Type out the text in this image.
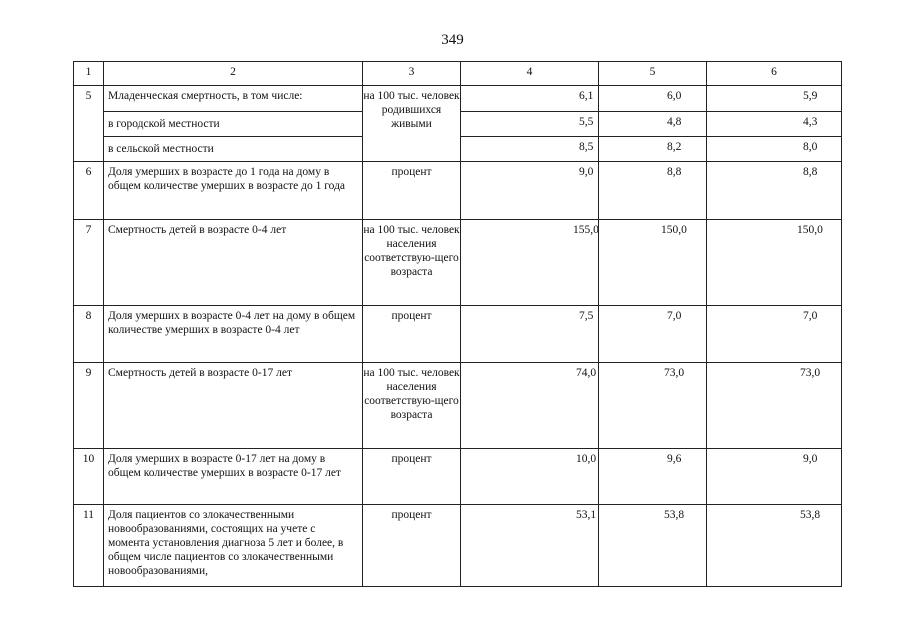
349
1	2	3	4	5	6
5	Младенческая смертность, в том числе:	на 100 тыс. человек родившихся живыми	6,1	6,0	5,9
	в городской местности		5,5	4,8	4,3
	в сельской местности		8,5	8,2	8,0
6	Доля умерших в возрасте до 1 года на дому в общем количестве умерших в возрасте до 1 года	процент	9,0	8,8	8,8
7	Смертность детей в возрасте 0-4 лет	на 100 тыс. человек населения соответствую-щего возраста	155,0	150,0	150,0
8	Доля умерших в возрасте 0-4 лет на дому в общем количестве умерших в возрасте 0-4 лет	процент	7,5	7,0	7,0
9	Смертность детей в возрасте 0-17 лет	на 100 тыс. человек населения соответствую-щего возраста	74,0	73,0	73,0
10	Доля умерших в возрасте 0-17 лет на дому в общем количестве умерших в возрасте 0-17 лет	процент	10,0	9,6	9,0
11	Доля пациентов со злокачественными новообразованиями, состоящих на учете с момента установления диагноза 5 лет и более, в общем числе пациентов со злокачественными новообразованиями,	процент	53,1	53,8	53,8
